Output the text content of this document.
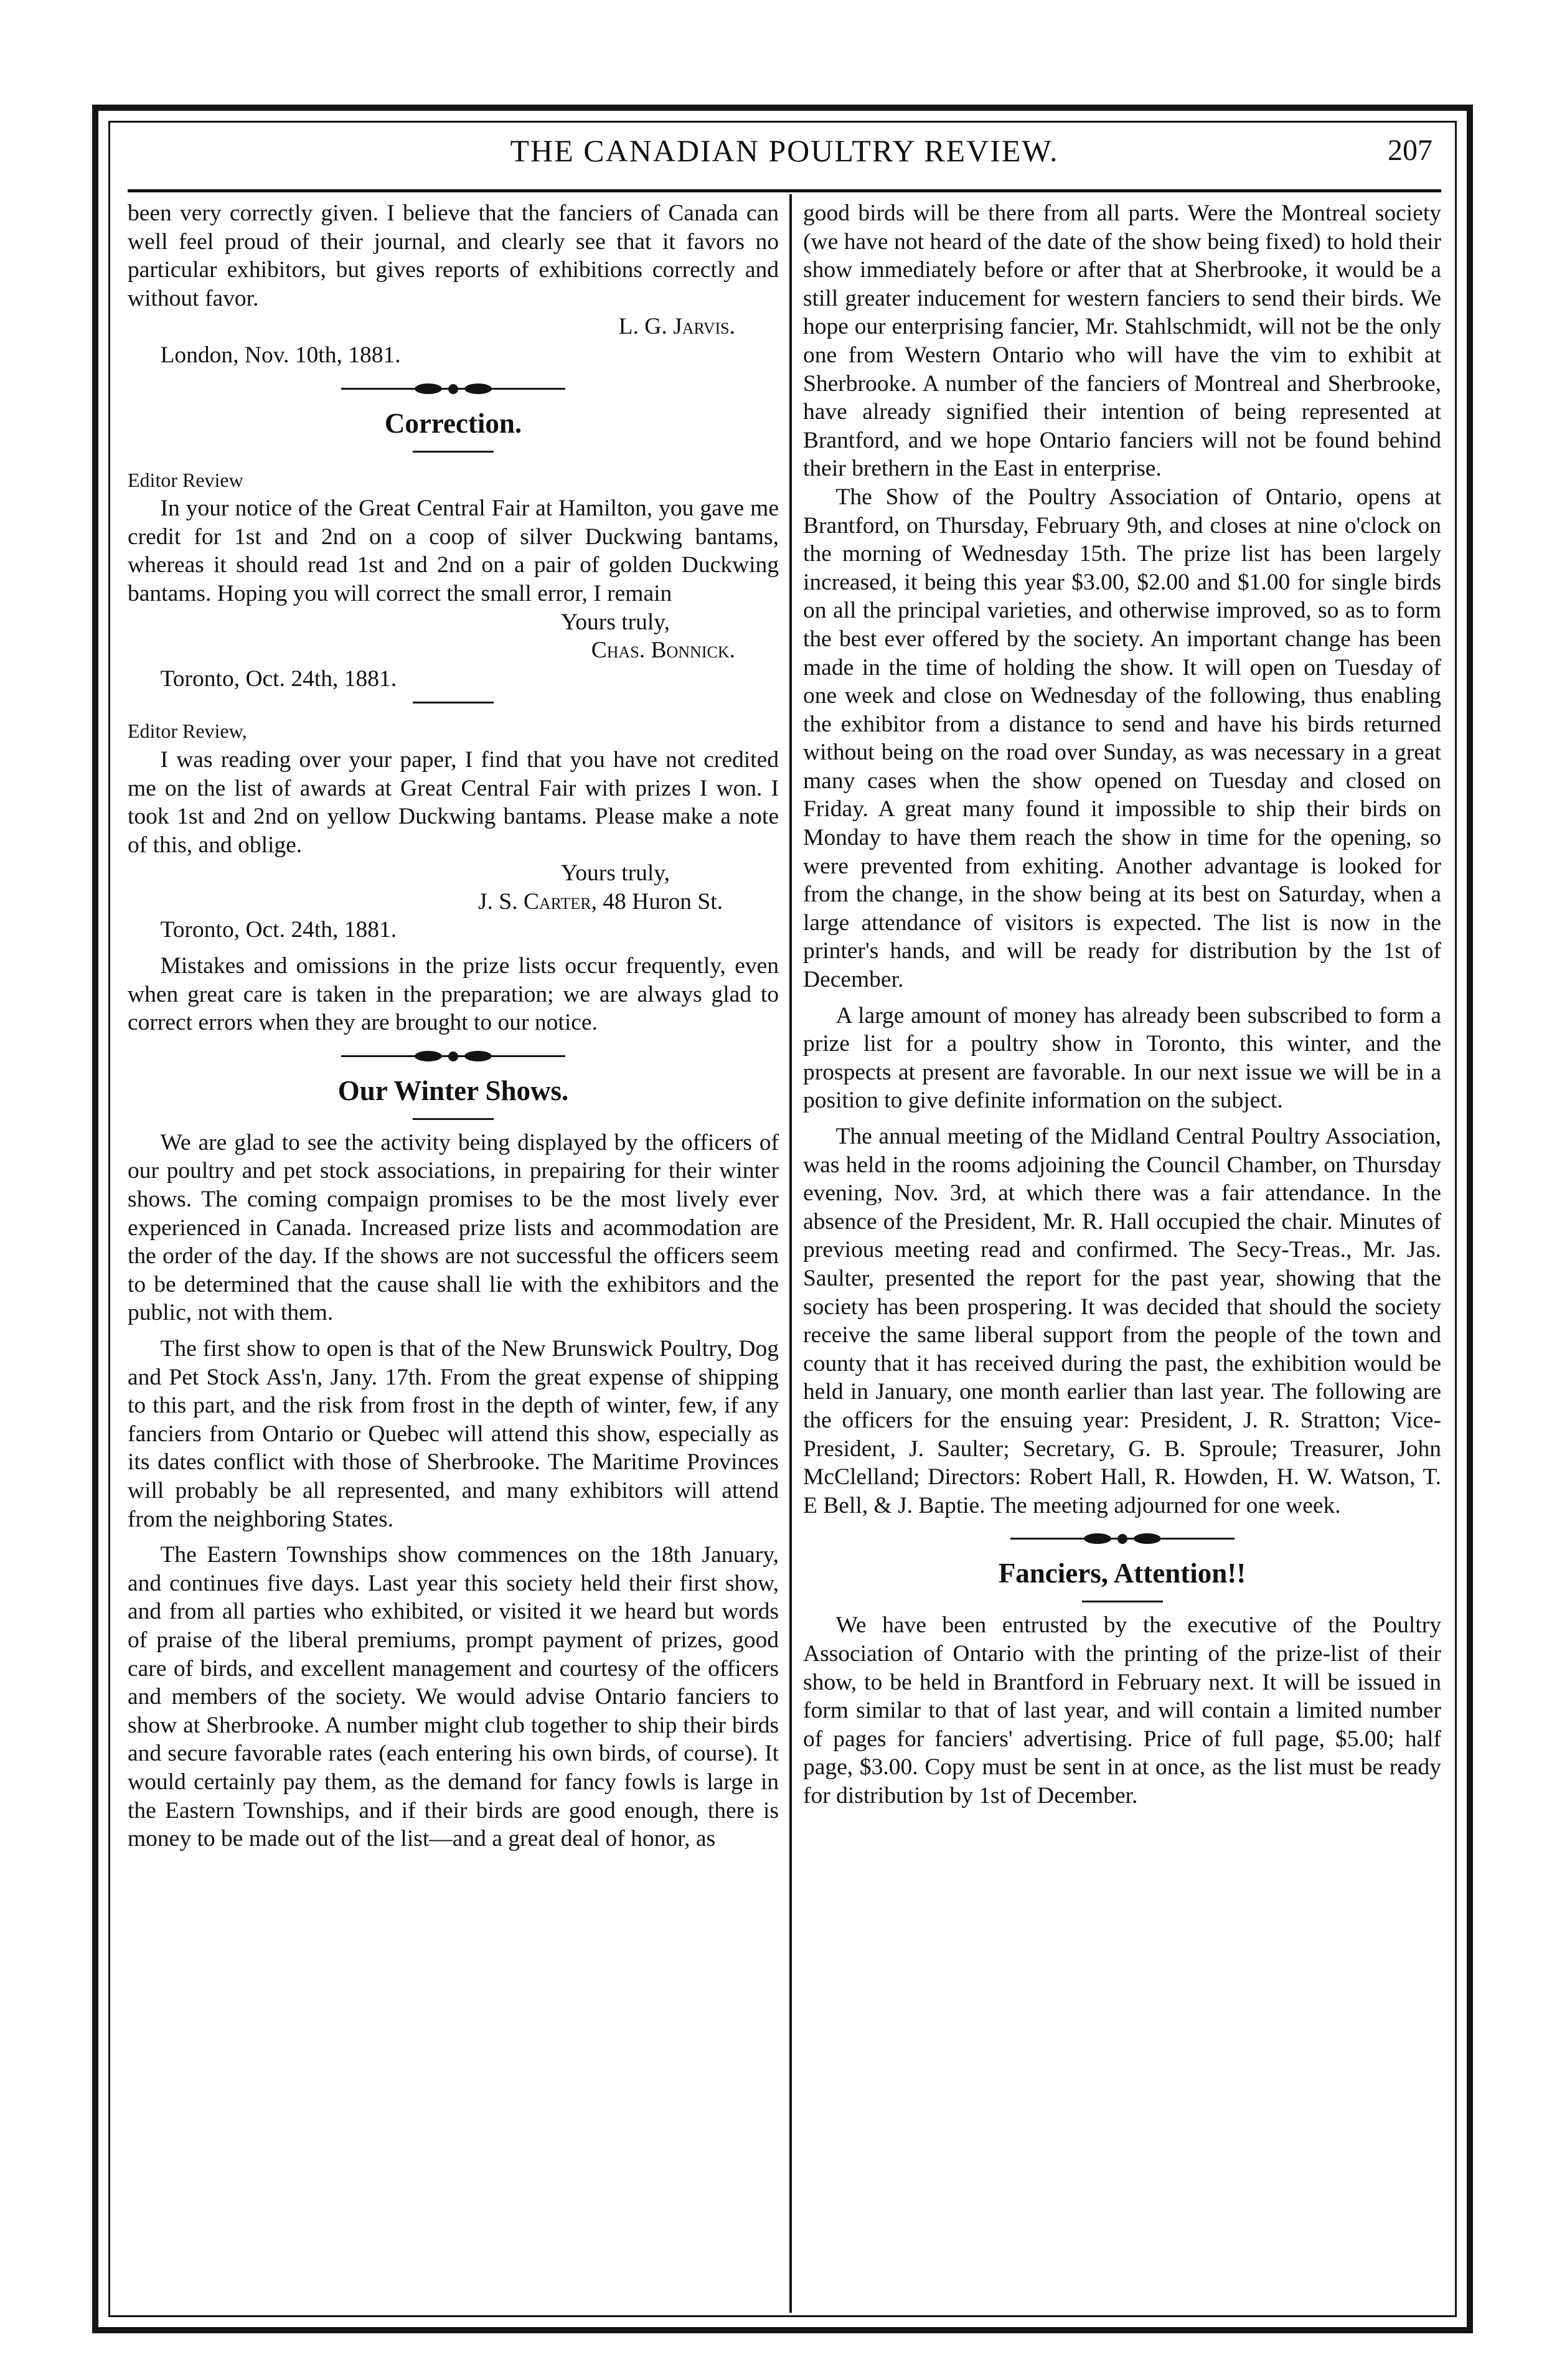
THE CANADIAN POULTRY REVIEW.	207

been very correctly given. I believe that the fanciers of Canada can well feel proud of their journal, and clearly see that it favors no particular exhibitors, but gives reports of exhibitions correctly and without favor.

L. G. Jarvis.

London, Nov. 10th, 1881.

Correction.

Editor Review

In your notice of the Great Central Fair at Hamilton, you gave me credit for 1st and 2nd on a coop of silver Duckwing bantams, whereas it should read 1st and 2nd on a pair of golden Duckwing bantams. Hoping you will correct the small error, I remain

Yours truly,

Chas. Bonnick.

Toronto, Oct. 24th, 1881.

Editor Review,

I was reading over your paper, I find that you have not credited me on the list of awards at Great Central Fair with prizes I won. I took 1st and 2nd on yellow Duckwing bantams. Please make a note of this, and oblige.

Yours truly,

J. S. Carter, 48 Huron St.

Toronto, Oct. 24th, 1881.

Mistakes and omissions in the prize lists occur frequently, even when great care is taken in the preparation; we are always glad to correct errors when they are brought to our notice.

Our Winter Shows.

We are glad to see the activity being displayed by the officers of our poultry and pet stock associations, in prepairing for their winter shows. The coming compaign promises to be the most lively ever experienced in Canada. Increased prize lists and acommodation are the order of the day. If the shows are not successful the officers seem to be determined that the cause shall lie with the exhibitors and the public, not with them.

The first show to open is that of the New Brunswick Poultry, Dog and Pet Stock Ass'n, Jany. 17th. From the great expense of shipping to this part, and the risk from frost in the depth of winter, few, if any fanciers from Ontario or Quebec will attend this show, especially as its dates conflict with those of Sherbrooke. The Maritime Provinces will probably be all represented, and many exhibitors will attend from the neighboring States.

The Eastern Townships show commences on the 18th January, and continues five days. Last year this society held their first show, and from all parties who exhibited, or visited it we heard but words of praise of the liberal premiums, prompt payment of prizes, good care of birds, and excellent management and courtesy of the officers and members of the society. We would advise Ontario fanciers to show at Sherbrooke. A number might club together to ship their birds and secure favorable rates (each entering his own birds, of course). It would certainly pay them, as the demand for fancy fowls is large in the Eastern Townships, and if their birds are good enough, there is money to be made out of the list—and a great deal of honor, as

good birds will be there from all parts. Were the Montreal society (we have not heard of the date of the show being fixed) to hold their show immediately before or after that at Sherbrooke, it would be a still greater inducement for western fanciers to send their birds. We hope our enterprising fancier, Mr. Stahlschmidt, will not be the only one from Western Ontario who will have the vim to exhibit at Sherbrooke. A number of the fanciers of Montreal and Sherbrooke, have already signified their intention of being represented at Brantford, and we hope Ontario fanciers will not be found behind their brethern in the East in enterprise.

The Show of the Poultry Association of Ontario, opens at Brantford, on Thursday, February 9th, and closes at nine o'clock on the morning of Wednesday 15th. The prize list has been largely increased, it being this year $3.00, $2.00 and $1.00 for single birds on all the principal varieties, and otherwise improved, so as to form the best ever offered by the society. An important change has been made in the time of holding the show. It will open on Tuesday of one week and close on Wednesday of the following, thus enabling the exhibitor from a distance to send and have his birds returned without being on the road over Sunday, as was necessary in a great many cases when the show opened on Tuesday and closed on Friday. A great many found it impossible to ship their birds on Monday to have them reach the show in time for the opening, so were prevented from exhiting. Another advantage is looked for from the change, in the show being at its best on Saturday, when a large attendance of visitors is expected. The list is now in the printer's hands, and will be ready for distribution by the 1st of December.

A large amount of money has already been subscribed to form a prize list for a poultry show in Toronto, this winter, and the prospects at present are favorable. In our next issue we will be in a position to give definite information on the subject.

The annual meeting of the Midland Central Poultry Association, was held in the rooms adjoining the Council Chamber, on Thursday evening, Nov. 3rd, at which there was a fair attendance. In the absence of the President, Mr. R. Hall occupied the chair. Minutes of previous meeting read and confirmed. The Secy-Treas., Mr. Jas. Saulter, presented the report for the past year, showing that the society has been prospering. It was decided that should the society receive the same liberal support from the people of the town and county that it has received during the past, the exhibition would be held in January, one month earlier than last year. The following are the officers for the ensuing year: President, J. R. Stratton; Vice-President, J. Saulter; Secretary, G. B. Sproule; Treasurer, John McClelland; Directors: Robert Hall, R. Howden, H. W. Watson, T. E Bell, & J. Baptie. The meeting adjourned for one week.

Fanciers, Attention!!

We have been entrusted by the executive of the Poultry Association of Ontario with the printing of the prize-list of their show, to be held in Brantford in February next. It will be issued in form similar to that of last year, and will contain a limited number of pages for fanciers' advertising. Price of full page, $5.00; half page, $3.00. Copy must be sent in at once, as the list must be ready for distribution by 1st of December.
